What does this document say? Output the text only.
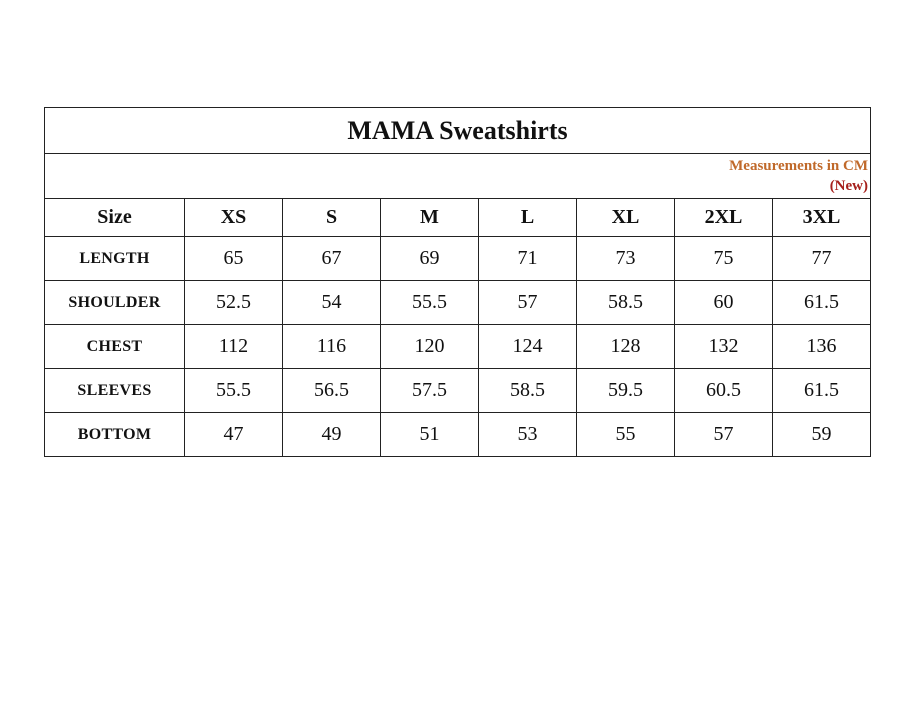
MAMA Sweatshirts							

Measurements in CM
(New)							

Size	XS	S	M	L	XL	2XL	3XL
LENGTH	65	67	69	71	73	75	77
SHOULDER	52.5	54	55.5	57	58.5	60	61.5
CHEST	112	116	120	124	128	132	136
SLEEVES	55.5	56.5	57.5	58.5	59.5	60.5	61.5
BOTTOM	47	49	51	53	55	57	59
